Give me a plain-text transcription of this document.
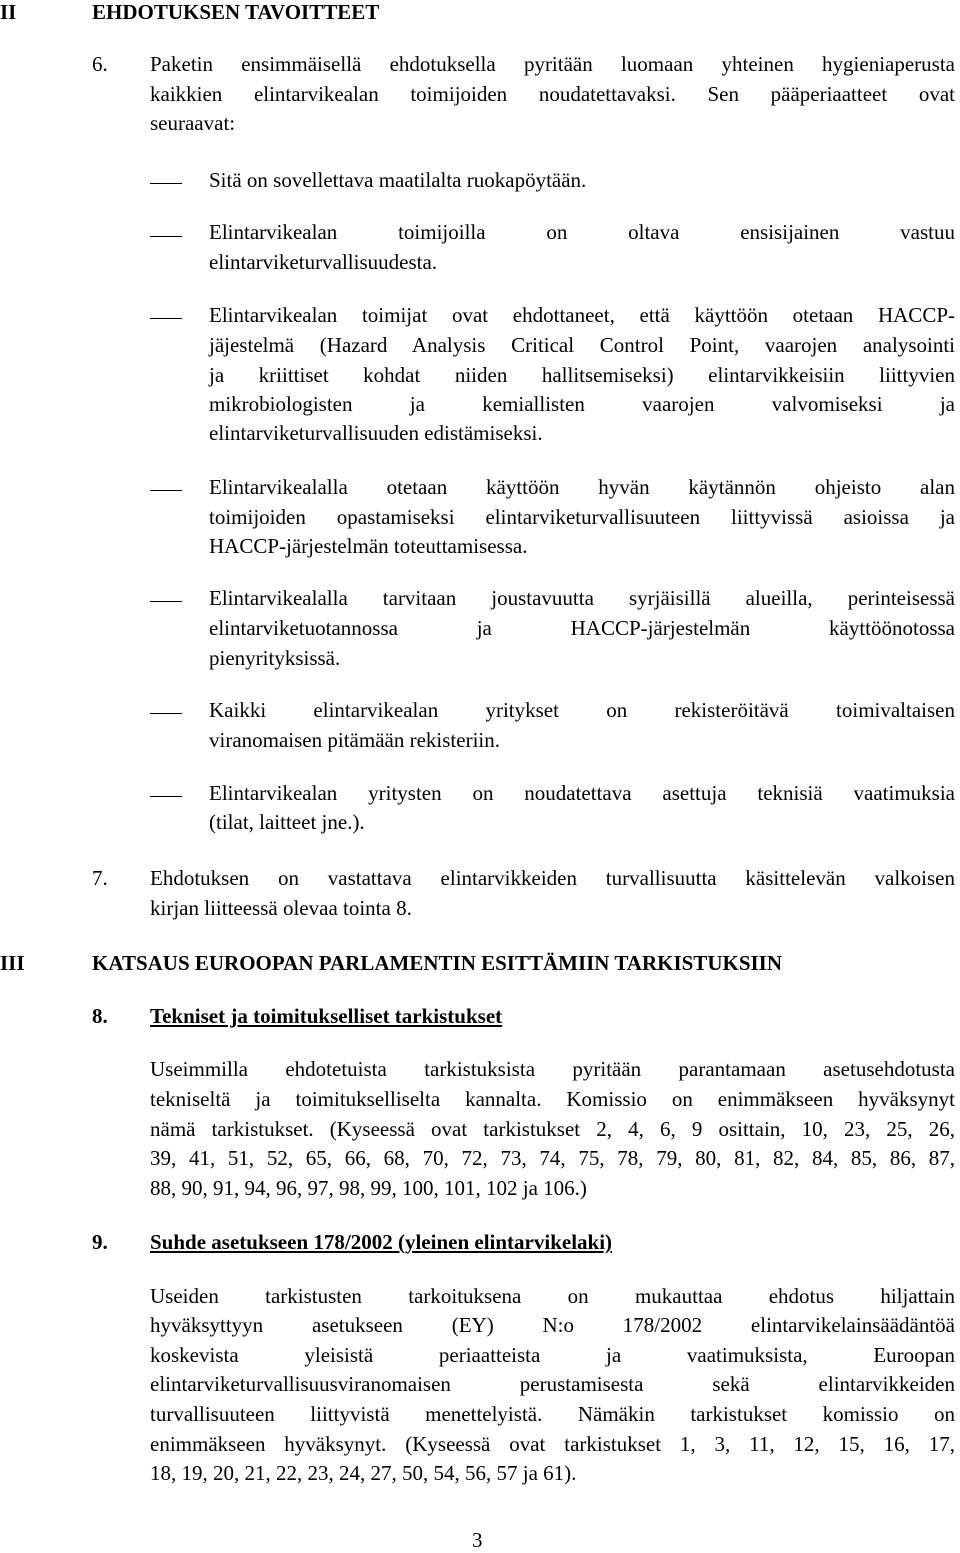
II	EHDOTUKSEN TAVOITTEET
6. Paketin ensimmäisellä ehdotuksella pyritään luomaan yhteinen hygieniaperusta
kaikkien elintarvikealan toimijoiden noudatettavaksi. Sen pääperiaatteet ovat
seuraavat:
Sitä on sovellettava maatilalta ruokapöytään.
Elintarvikealan toimijoilla on oltava ensisijainen vastuu
elintarviketurvallisuudesta.
Elintarvikealan toimijat ovat ehdottaneet, että käyttöön otetaan HACCP-
jäjestelmä (Hazard Analysis Critical Control Point, vaarojen analysointi
ja kriittiset kohdat niiden hallitsemiseksi) elintarvikkeisiin liittyvien
mikrobiologisten ja kemiallisten vaarojen valvomiseksi ja
elintarviketurvallisuuden edistämiseksi.
Elintarvikealalla otetaan käyttöön hyvän käytännön ohjeisto alan
toimijoiden opastamiseksi elintarviketurvallisuuteen liittyvissä asioissa ja
HACCP-järjestelmän toteuttamisessa.
Elintarvikealalla tarvitaan joustavuutta syrjäisillä alueilla, perinteisessä
elintarviketuotannossa ja HACCP-järjestelmän käyttöönotossa
pienyrityksissä.
Kaikki elintarvikealan yritykset on rekisteröitävä toimivaltaisen
viranomaisen pitämään rekisteriin.
Elintarvikealan yritysten on noudatettava asettuja teknisiä vaatimuksia
(tilat, laitteet jne.).
7. Ehdotuksen on vastattava elintarvikkeiden turvallisuutta käsittelevän valkoisen
kirjan liitteessä olevaa tointa 8.
III	KATSAUS EUROOPAN PARLAMENTIN ESITTÄMIIN TARKISTUKSIIN
8. Tekniset ja toimitukselliset tarkistukset
Useimmilla ehdotetuista tarkistuksista pyritään parantamaan asetusehdotusta
tekniseltä ja toimitukselliselta kannalta. Komissio on enimmäkseen hyväksynyt
nämä tarkistukset. (Kyseessä ovat tarkistukset 2, 4, 6, 9 osittain, 10, 23, 25, 26,
39, 41, 51, 52, 65, 66, 68, 70, 72, 73, 74, 75, 78, 79, 80, 81, 82, 84, 85, 86, 87,
88, 90, 91, 94, 96, 97, 98, 99, 100, 101, 102 ja 106.)
9. Suhde asetukseen 178/2002 (yleinen elintarvikelaki)
Useiden tarkistusten tarkoituksena on mukauttaa ehdotus hiljattain
hyväksyttyyn asetukseen (EY) N:o 178/2002 elintarvikelainsäädäntöä
koskevista yleisistä periaatteista ja vaatimuksista, Euroopan
elintarviketurvallisuusviranomaisen perustamisesta sekä elintarvikkeiden
turvallisuuteen liittyvistä menettelyistä. Nämäkin tarkistukset komissio on
enimmäkseen hyväksynyt. (Kyseessä ovat tarkistukset 1, 3, 11, 12, 15, 16, 17,
18, 19, 20, 21, 22, 23, 24, 27, 50, 54, 56, 57 ja 61).
3
